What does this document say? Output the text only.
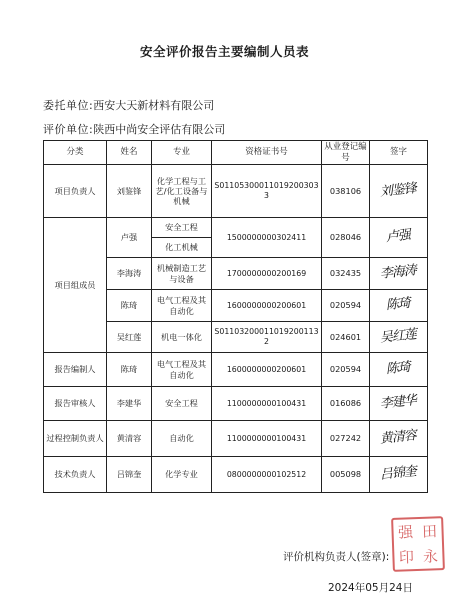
安全评价报告主要编制人员表
委托单位:西安大天新材料有限公司
评价单位:陕西中尚安全评估有限公司
分类	姓名	专业	资格证书号	从业登记编号	签字
项目负责人	刘鉴锋	化学工程与工艺/化工设备与机械	S011053000110192003033	038106	刘鉴锋
项目组成员	卢强	安全工程	1500000000302411	028046	卢强
		化工机械			
	李海涛	机械制造工艺与设备	1700000000200169	032435	李海涛
	陈琦	电气工程及其自动化	1600000000200601	020594	陈琦
	吴红莲	机电一体化	S011032000110192001132	024601	吴红莲
报告编制人	陈琦	电气工程及其自动化	1600000000200601	020594	陈琦
报告审核人	李建华	安全工程	1100000000100431	016086	李建华
过程控制负责人	黄清容	自动化	1100000000100431	027242	黄清容
技术负责人	吕锦奎	化学专业	0800000000102512	005098	吕锦奎
强 田
印 永
评价机构负责人(签章):
2024年05月24日
